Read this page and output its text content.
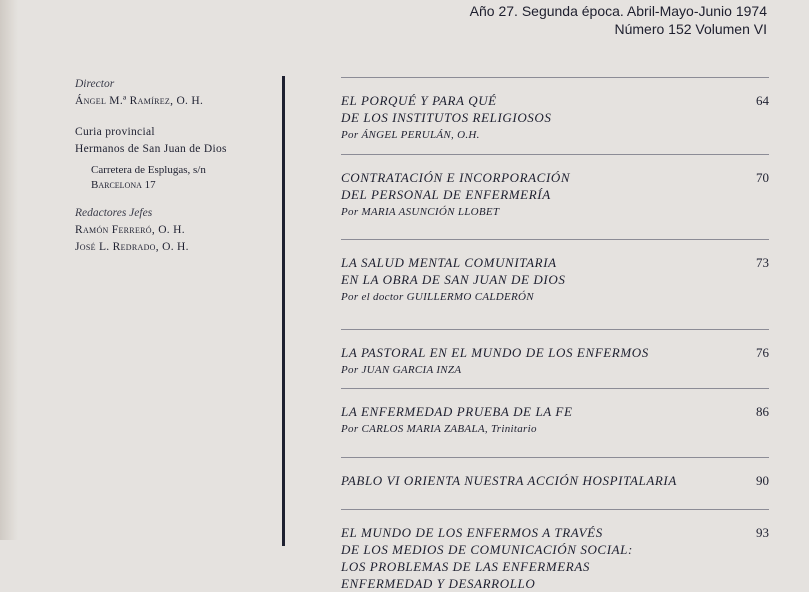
Año 27. Segunda época. Abril-Mayo-Junio 1974
Número 152 Volumen VI

Director

Ángel M.ª Ramírez, O. H.

Curia provincial

Hermanos de San Juan de Dios

Carretera de Esplugas, s/n
Barcelona 17

Redactores Jefes

Ramón Ferreró, O. H.

José L. Redrado, O. H.

EL PORQUÉ Y PARA QUÉ
DE LOS INSTITUTOS RELIGIOSOS

Por ÁNGEL PERULÁN, O.H.

64

CONTRATACIÓN E INCORPORACIÓN
DEL PERSONAL DE ENFERMERÍA

Por MARIA ASUNCIÓN LLOBET

70

LA SALUD MENTAL COMUNITARIA
EN LA OBRA DE SAN JUAN DE DIOS

Por el doctor GUILLERMO CALDERÓN

73

LA PASTORAL EN EL MUNDO DE LOS ENFERMOS

Por JUAN GARCIA INZA

76

LA ENFERMEDAD PRUEBA DE LA FE

Por CARLOS MARIA ZABALA, Trinitario

86

PABLO VI ORIENTA NUESTRA ACCIÓN HOSPITALARIA	90

EL MUNDO DE LOS ENFERMOS A TRAVÉS
DE LOS MEDIOS DE COMUNICACIÓN SOCIAL:
LOS PROBLEMAS DE LAS ENFERMERAS
ENFERMEDAD Y DESARROLLO

93
